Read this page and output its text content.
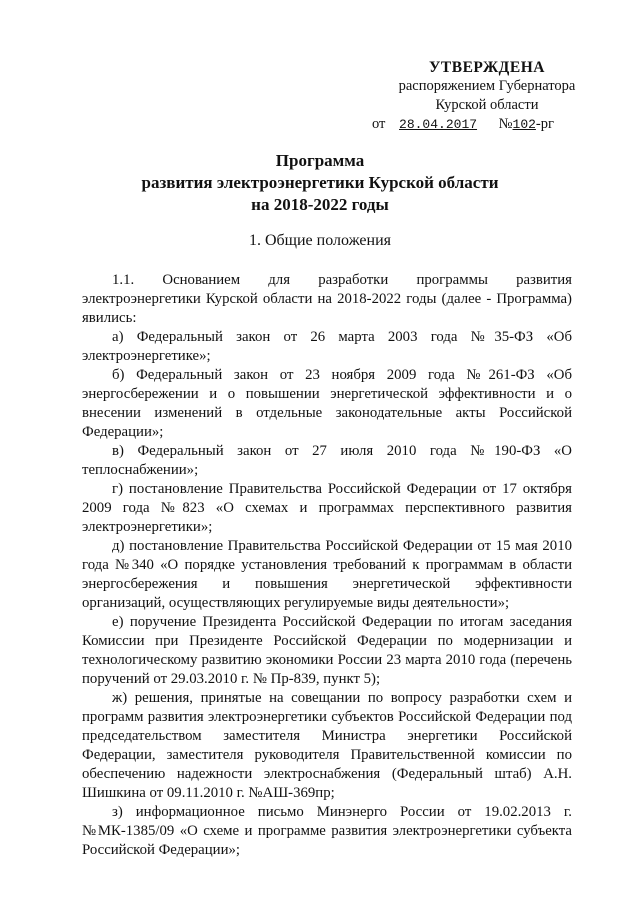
УТВЕРЖДЕНА
распоряжением Губернатора
Курской области
от 28.04.2017 №102-рг
Программа
развития электроэнергетики Курской области
на 2018-2022 годы
1. Общие положения

1.1. Основанием для разработки программы развития электроэнергетики Курской области на 2018-2022 годы (далее - Программа) явились:

а) Федеральный закон от 26 марта 2003 года №35-ФЗ «Об электроэнергетике»;

б) Федеральный закон от 23 ноября 2009 года №261-ФЗ «Об энергосбережении и о повышении энергетической эффективности и о внесении изменений в отдельные законодательные акты Российской Федерации»;

в) Федеральный закон от 27 июля 2010 года №190-ФЗ «О теплоснабжении»;

г) постановление Правительства Российской Федерации от 17 октября 2009 года №823 «О схемах и программах перспективного развития электроэнергетики»;

д) постановление Правительства Российской Федерации от 15 мая 2010 года №340 «О порядке установления требований к программам в области энергосбережения и повышения энергетической эффективности организаций, осуществляющих регулируемые виды деятельности»;

е) поручение Президента Российской Федерации по итогам заседания Комиссии при Президенте Российской Федерации по модернизации и технологическому развитию экономики России 23 марта 2010 года (перечень поручений от 29.03.2010 г. № Пр-839, пункт 5);

ж) решения, принятые на совещании по вопросу разработки схем и программ развития электроэнергетики субъектов Российской Федерации под председательством заместителя Министра энергетики Российской Федерации, заместителя руководителя Правительственной комиссии по обеспечению надежности электроснабжения (Федеральный штаб) А.Н. Шишкина от 09.11.2010 г. №АШ-369пр;

з) информационное письмо Минэнерго России от 19.02.2013 г. №МК-1385/09 «О схеме и программе развития электроэнергетики субъекта Российской Федерации»;
